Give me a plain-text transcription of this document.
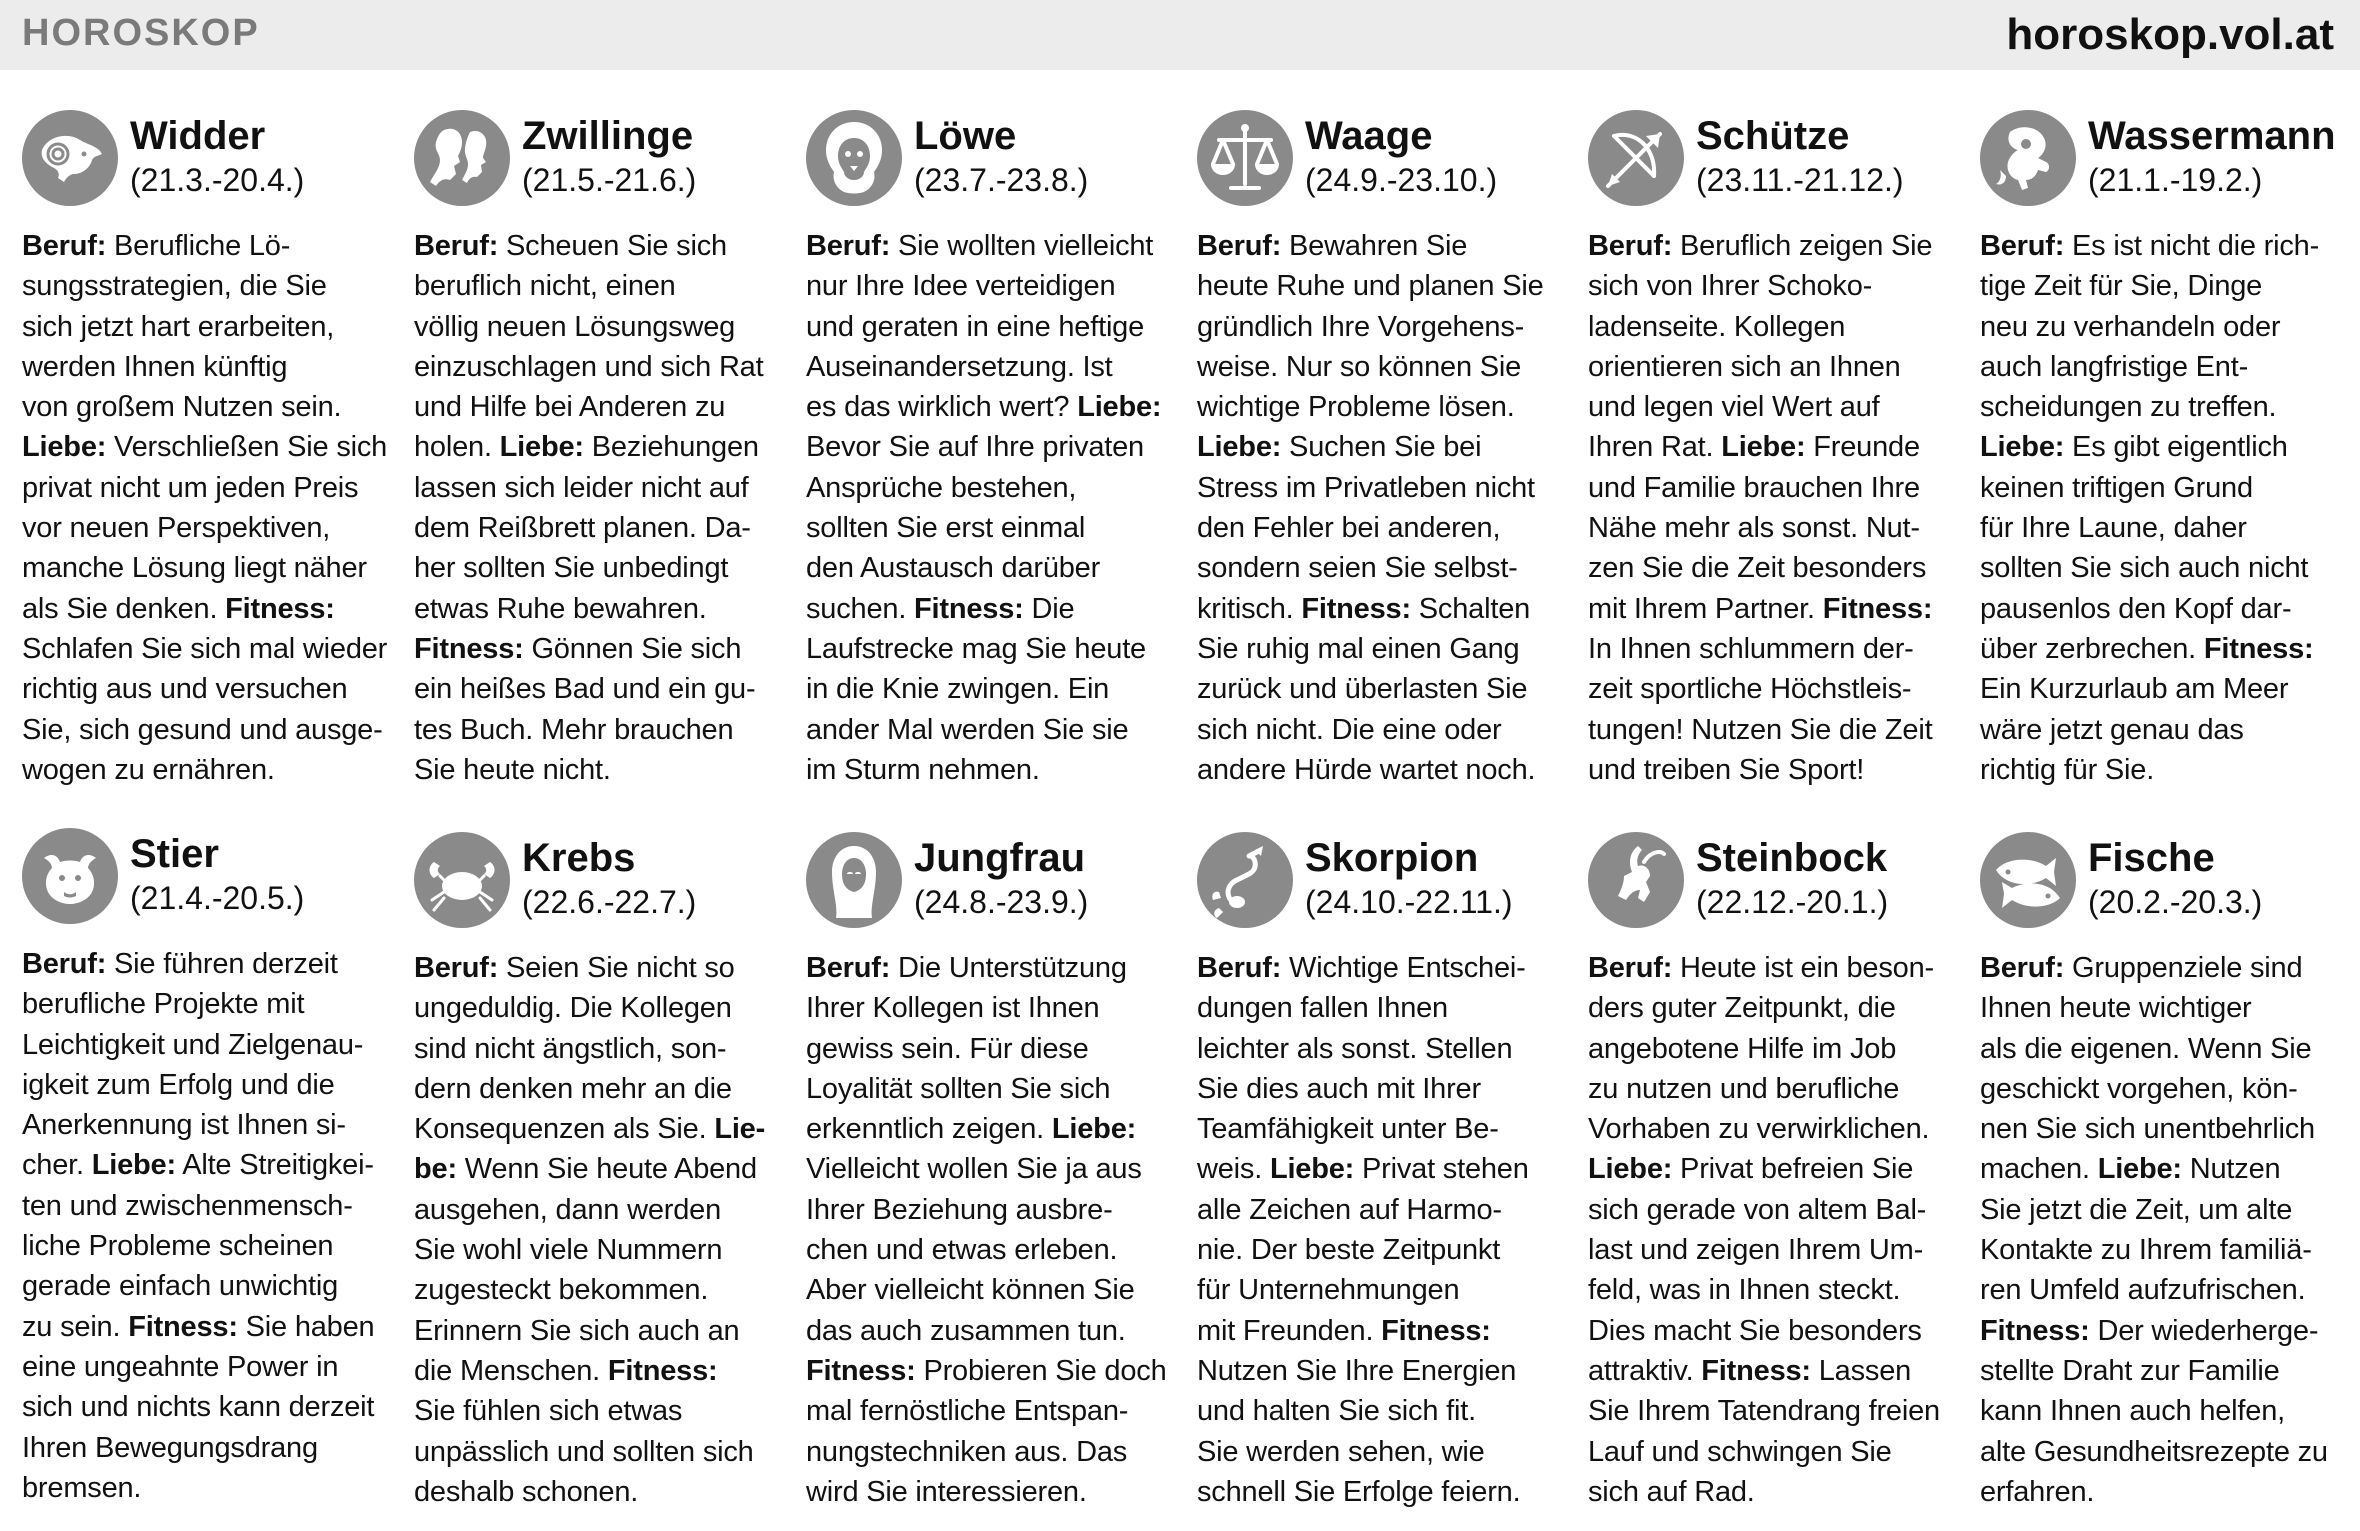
HOROSKOP	horoskop.vol.at
Widder
(21.3.-20.4.)
Beruf: Berufliche Lö-
sungsstrategien, die Sie
sich jetzt hart erarbeiten,
werden Ihnen künftig
von großem Nutzen sein.
Liebe: Verschließen Sie sich
privat nicht um jeden Preis
vor neuen Perspektiven,
manche Lösung liegt näher
als Sie denken. Fitness:
Schlafen Sie sich mal wieder
richtig aus und versuchen
Sie, sich gesund und ausge-
wogen zu ernähren.
Zwillinge
(21.5.-21.6.)
Beruf: Scheuen Sie sich
beruflich nicht, einen
völlig neuen Lösungsweg
einzuschlagen und sich Rat
und Hilfe bei Anderen zu
holen. Liebe: Beziehungen
lassen sich leider nicht auf
dem Reißbrett planen. Da-
her sollten Sie unbedingt
etwas Ruhe bewahren.
Fitness: Gönnen Sie sich
ein heißes Bad und ein gu-
tes Buch. Mehr brauchen
Sie heute nicht.
Löwe
(23.7.-23.8.)
Beruf: Sie wollten vielleicht
nur Ihre Idee verteidigen
und geraten in eine heftige
Auseinandersetzung. Ist
es das wirklich wert? Liebe:
Bevor Sie auf Ihre privaten
Ansprüche bestehen,
sollten Sie erst einmal
den Austausch darüber
suchen. Fitness: Die
Laufstrecke mag Sie heute
in die Knie zwingen. Ein
ander Mal werden Sie sie
im Sturm nehmen.
Waage
(24.9.-23.10.)
Beruf: Bewahren Sie
heute Ruhe und planen Sie
gründlich Ihre Vorgehens-
weise. Nur so können Sie
wichtige Probleme lösen.
Liebe: Suchen Sie bei
Stress im Privatleben nicht
den Fehler bei anderen,
sondern seien Sie selbst-
kritisch. Fitness: Schalten
Sie ruhig mal einen Gang
zurück und überlasten Sie
sich nicht. Die eine oder
andere Hürde wartet noch.
Schütze
(23.11.-21.12.)
Beruf: Beruflich zeigen Sie
sich von Ihrer Schoko-
ladenseite. Kollegen
orientieren sich an Ihnen
und legen viel Wert auf
Ihren Rat. Liebe: Freunde
und Familie brauchen Ihre
Nähe mehr als sonst. Nut-
zen Sie die Zeit besonders
mit Ihrem Partner. Fitness:
In Ihnen schlummern der-
zeit sportliche Höchstleis-
tungen! Nutzen Sie die Zeit
und treiben Sie Sport!
Wassermann
(21.1.-19.2.)
Beruf: Es ist nicht die rich-
tige Zeit für Sie, Dinge
neu zu verhandeln oder
auch langfristige Ent-
scheidungen zu treffen.
Liebe: Es gibt eigentlich
keinen triftigen Grund
für Ihre Laune, daher
sollten Sie sich auch nicht
pausenlos den Kopf dar-
über zerbrechen. Fitness:
Ein Kurzurlaub am Meer
wäre jetzt genau das
richtig für Sie.
Stier
(21.4.-20.5.)
Beruf: Sie führen derzeit
berufliche Projekte mit
Leichtigkeit und Zielgenau-
igkeit zum Erfolg und die
Anerkennung ist Ihnen si-
cher. Liebe: Alte Streitigkei-
ten und zwischenmensch-
liche Probleme scheinen
gerade einfach unwichtig
zu sein. Fitness: Sie haben
eine ungeahnte Power in
sich und nichts kann derzeit
Ihren Bewegungsdrang
bremsen.
Krebs
(22.6.-22.7.)
Beruf: Seien Sie nicht so
ungeduldig. Die Kollegen
sind nicht ängstlich, son-
dern denken mehr an die
Konsequenzen als Sie. Lie-
be: Wenn Sie heute Abend
ausgehen, dann werden
Sie wohl viele Nummern
zugesteckt bekommen.
Erinnern Sie sich auch an
die Menschen. Fitness:
Sie fühlen sich etwas
unpässlich und sollten sich
deshalb schonen.
Jungfrau
(24.8.-23.9.)
Beruf: Die Unterstützung
Ihrer Kollegen ist Ihnen
gewiss sein. Für diese
Loyalität sollten Sie sich
erkenntlich zeigen. Liebe:
Vielleicht wollen Sie ja aus
Ihrer Beziehung ausbre-
chen und etwas erleben.
Aber vielleicht können Sie
das auch zusammen tun.
Fitness: Probieren Sie doch
mal fernöstliche Entspan-
nungstechniken aus. Das
wird Sie interessieren.
Skorpion
(24.10.-22.11.)
Beruf: Wichtige Entschei-
dungen fallen Ihnen
leichter als sonst. Stellen
Sie dies auch mit Ihrer
Teamfähigkeit unter Be-
weis. Liebe: Privat stehen
alle Zeichen auf Harmo-
nie. Der beste Zeitpunkt
für Unternehmungen
mit Freunden. Fitness:
Nutzen Sie Ihre Energien
und halten Sie sich fit.
Sie werden sehen, wie
schnell Sie Erfolge feiern.
Steinbock
(22.12.-20.1.)
Beruf: Heute ist ein beson-
ders guter Zeitpunkt, die
angebotene Hilfe im Job
zu nutzen und berufliche
Vorhaben zu verwirklichen.
Liebe: Privat befreien Sie
sich gerade von altem Bal-
last und zeigen Ihrem Um-
feld, was in Ihnen steckt.
Dies macht Sie besonders
attraktiv. Fitness: Lassen
Sie Ihrem Tatendrang freien
Lauf und schwingen Sie
sich auf Rad.
Fische
(20.2.-20.3.)
Beruf: Gruppenziele sind
Ihnen heute wichtiger
als die eigenen. Wenn Sie
geschickt vorgehen, kön-
nen Sie sich unentbehrlich
machen. Liebe: Nutzen
Sie jetzt die Zeit, um alte
Kontakte zu Ihrem familiä-
ren Umfeld aufzufrischen.
Fitness: Der wiederherge-
stellte Draht zur Familie
kann Ihnen auch helfen,
alte Gesundheitsrezepte zu
erfahren.
